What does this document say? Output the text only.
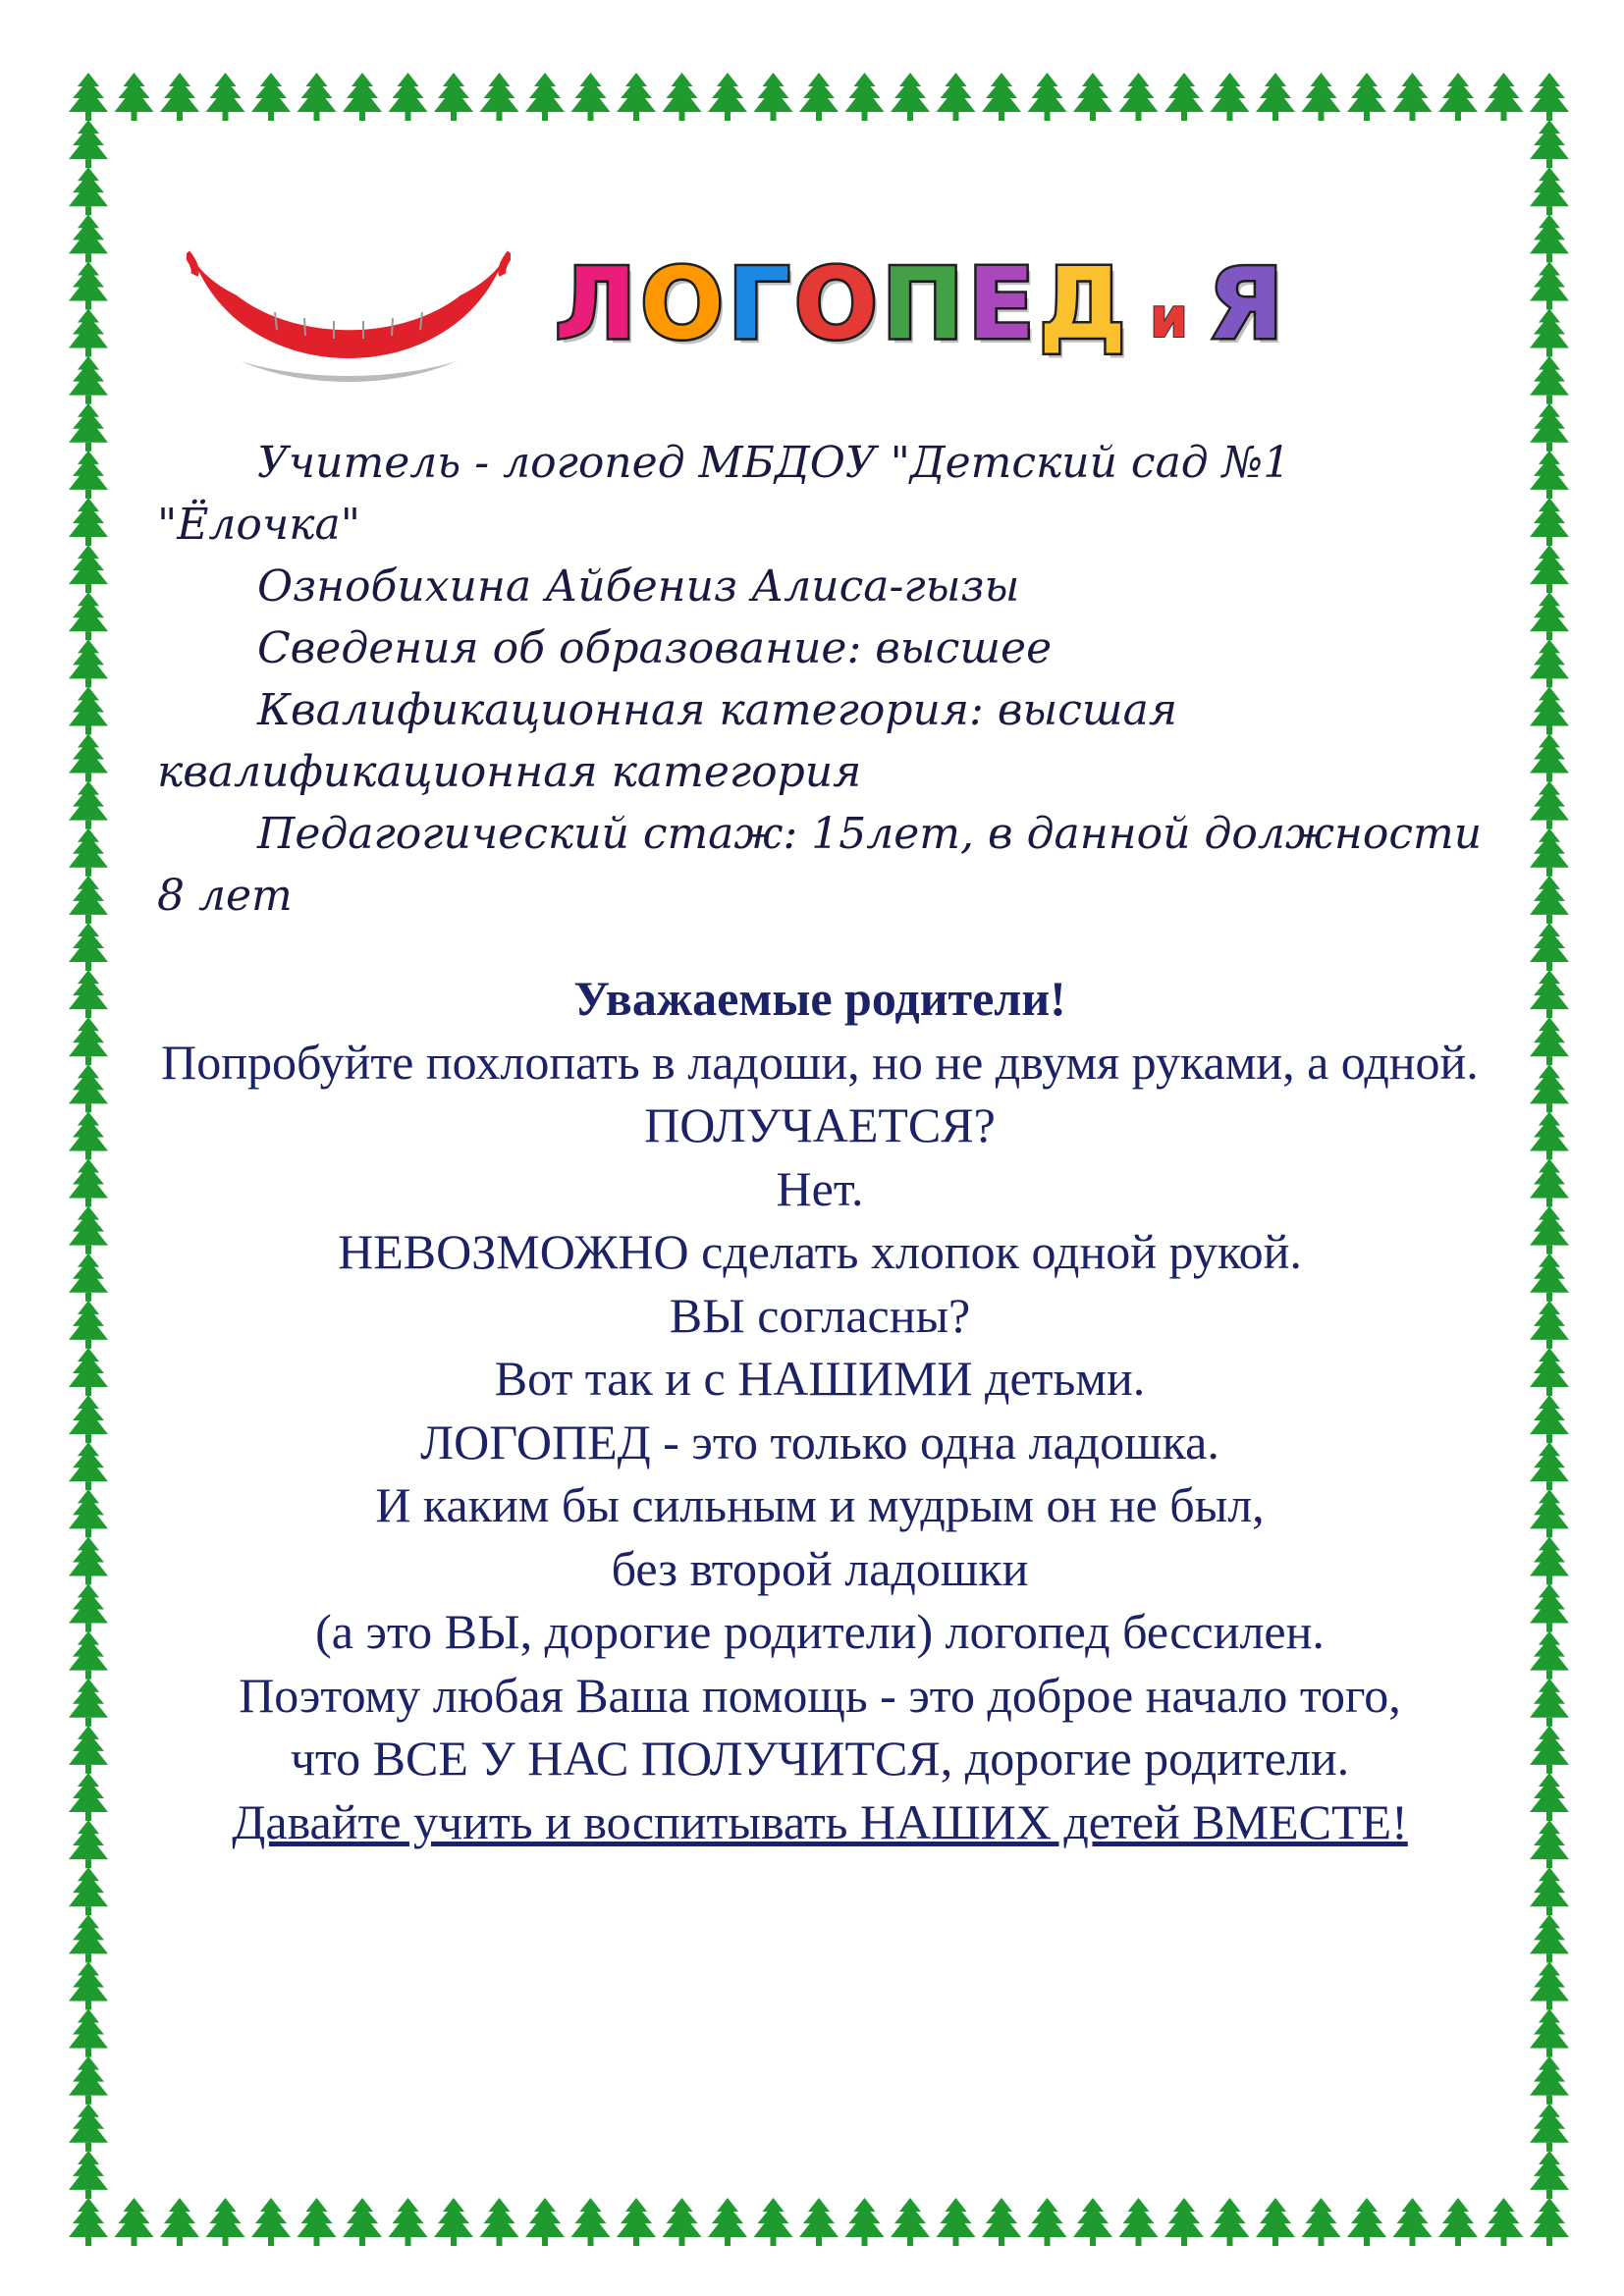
Л О Г О П Е Д и Я

Учитель - логопед МБДОУ "Детский сад №1 "Ёлочка"

Ознобихина Айбениз Алиса-гызы

Сведения об образование: высшее

Квалификационная категория: высшая квалификационная категория

Педагогический стаж: 15лет, в данной должности 8 лет

Уважаемые родители!

Попробуйте похлопать в ладоши, но не двумя руками, а одной.

ПОЛУЧАЕТСЯ?

Нет.

НЕВОЗМОЖНО сделать хлопок одной рукой.

ВЫ согласны?

Вот так и с НАШИМИ детьми.

ЛОГОПЕД - это только одна ладошка.

И каким бы сильным и мудрым он не был,

без второй ладошки

(а это ВЫ, дорогие родители) логопед бессилен.

Поэтому любая Ваша помощь - это доброе начало того,

что ВСЕ У НАС ПОЛУЧИТСЯ, дорогие родители.

Давайте учить и воспитывать НАШИХ детей ВМЕСТЕ!
